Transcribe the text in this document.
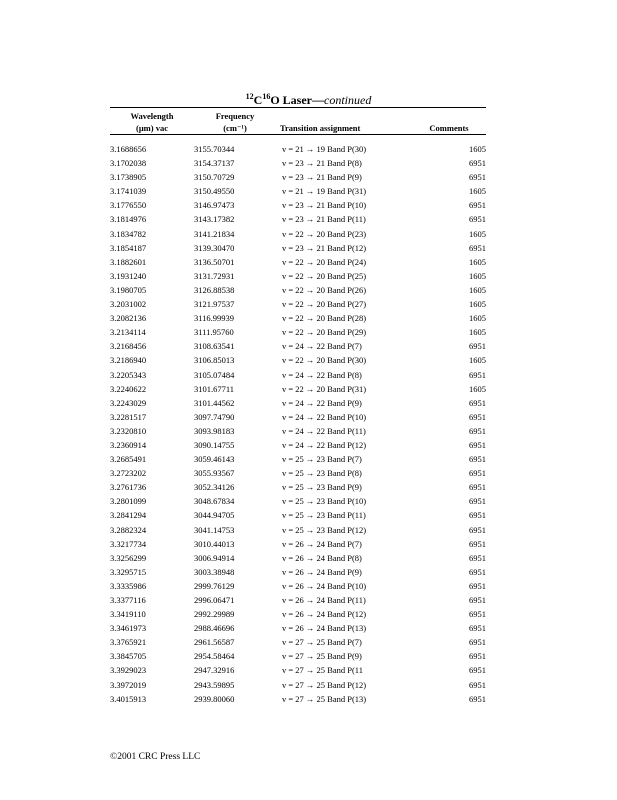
$^{12}C^{16}O$ Laser—continued
Wavelength
(μm) vac
Frequency
(cm⁻¹)	Transition assignment	Comments
3.1688656	3155.70344	v = 21 → 19 Band P(30)	1605
3.1702038	3154.37137	v = 23 → 21 Band P(8)	6951
3.1738905	3150.70729	v = 23 → 21 Band P(9)	6951
3.1741039	3150.49550	v = 21 → 19 Band P(31)	1605
3.1776550	3146.97473	v = 23 → 21 Band P(10)	6951
3.1814976	3143.17382	v = 23 → 21 Band P(11)	6951
3.1834782	3141.21834	v = 22 → 20 Band P(23)	1605
3.1854187	3139.30470	v = 23 → 21 Band P(12)	6951
3.1882601	3136.50701	v = 22 → 20 Band P(24)	1605
3.1931240	3131.72931	v = 22 → 20 Band P(25)	1605
3.1980705	3126.88538	v = 22 → 20 Band P(26)	1605
3.2031002	3121.97537	v = 22 → 20 Band P(27)	1605
3.2082136	3116.99939	v = 22 → 20 Band P(28)	1605
3.2134114	3111.95760	v = 22 → 20 Band P(29)	1605
3.2168456	3108.63541	v = 24 → 22 Band P(7)	6951
3.2186940	3106.85013	v = 22 → 20 Band P(30)	1605
3.2205343	3105.07484	v = 24 → 22 Band P(8)	6951
3.2240622	3101.67711	v = 22 → 20 Band P(31)	1605
3.2243029	3101.44562	v = 24 → 22 Band P(9)	6951
3.2281517	3097.74790	v = 24 → 22 Band P(10)	6951
3.2320810	3093.98183	v = 24 → 22 Band P(11)	6951
3.2360914	3090.14755	v = 24 → 22 Band P(12)	6951
3.2685491	3059.46143	v = 25 → 23 Band P(7)	6951
3.2723202	3055.93567	v = 25 → 23 Band P(8)	6951
3.2761736	3052.34126	v = 25 → 23 Band P(9)	6951
3.2801099	3048.67834	v = 25 → 23 Band P(10)	6951
3.2841294	3044.94705	v = 25 → 23 Band P(11)	6951
3.2882324	3041.14753	v = 25 → 23 Band P(12)	6951
3.3217734	3010.44013	v = 26 → 24 Band P(7)	6951
3.3256299	3006.94914	v = 26 → 24 Band P(8)	6951
3.3295715	3003.38948	v = 26 → 24 Band P(9)	6951
3.3335986	2999.76129	v = 26 → 24 Band P(10)	6951
3.3377116	2996.06471	v = 26 → 24 Band P(11)	6951
3.3419110	2992.29989	v = 26 → 24 Band P(12)	6951
3.3461973	2988.46696	v = 26 → 24 Band P(13)	6951
3.3765921	2961.56587	v = 27 → 25 Band P(7)	6951
3.3845705	2954.58464	v = 27 → 25 Band P(9)	6951
3.3929023	2947.32916	v = 27 → 25 Band P(11	6951
3.3972019	2943.59895	v = 27 → 25 Band P(12)	6951
3.4015913	2939.80060	v = 27 → 25 Band P(13)	6951
©2001 CRC Press LLC
